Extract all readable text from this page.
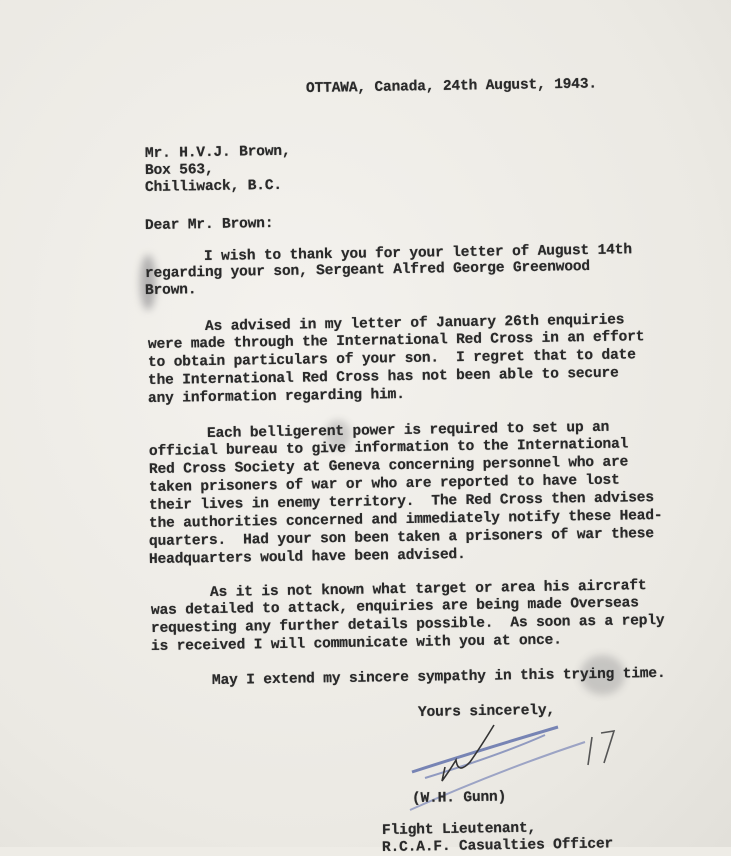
OTTAWA, Canada, 24th August, 1943.
Mr. H.V.J. Brown,
Box 563,
Chilliwack, B.C.
Dear Mr. Brown:
I wish to thank you for your letter of August 14th
regarding your son, Sergeant Alfred George Greenwood
Brown.
As advised in my letter of January 26th enquiries
were made through the International Red Cross in an effort
to obtain particulars of your son.  I regret that to date
the International Red Cross has not been able to secure
any information regarding him.
Each belligerent power is required to set up an
official bureau to give information to the International
Red Cross Society at Geneva concerning personnel who are
taken prisoners of war or who are reported to have lost
their lives in enemy territory.  The Red Cross then advises
the authorities concerned and immediately notify these Head-
quarters.  Had your son been taken a prisoners of war these
Headquarters would have been advised.
As it is not known what target or area his aircraft
was detailed to attack, enquiries are being made Overseas
requesting any further details possible.  As soon as a reply
is received I will communicate with you at once.
May I extend my sincere sympathy in this trying time.
Yours sincerely,
(W.H. Gunn)
Flight Lieutenant,
R.C.A.F. Casualties Officer
